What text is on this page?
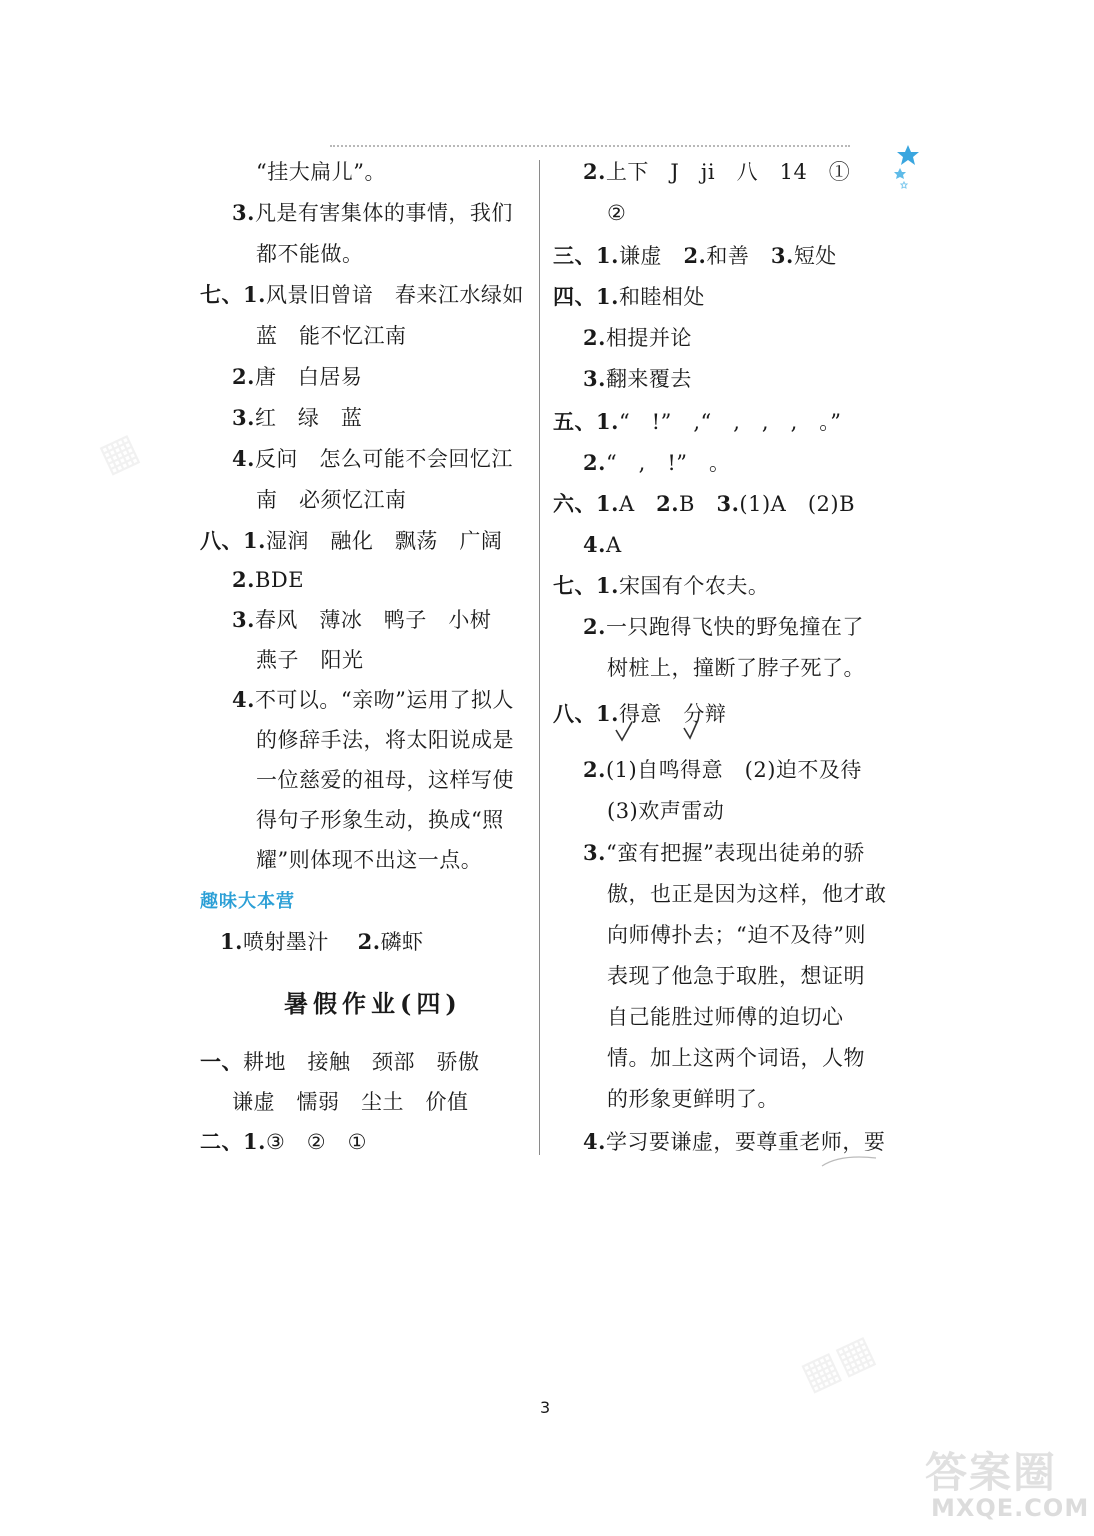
“挂大扁儿”。
3.凡是有害集体的事情，我们
都不能做。
七、1.风景旧曾谙　春来江水绿如
蓝　能不忆江南
2.唐　白居易
3.红　绿　蓝
4.反问　怎么可能不会回忆江
南　必须忆江南
八、1.湿润　融化　飘荡　广阔
2.BDE
3.春风　薄冰　鸭子　小树
燕子　阳光
4.不可以。“亲吻”运用了拟人
的修辞手法，将太阳说成是
一位慈爱的祖母，这样写使
得句子形象生动，换成“照
耀”则体现不出这一点。
趣味大本营
1.喷射墨汁　 2.磷虾
暑假作业(四)
一、耕地　接触　颈部　骄傲
谦虚　懦弱　尘土　价值
二、1.③　②　①
2.上下　J　ji　八　14　①
②
三、1.谦虚　2.和善　3.短处
四、1.和睦相处
2.相提并论
3.翻来覆去
五、1.“　!”　,“　,　,　,　。”
2.“　,　!”　。
六、1.A　2.B　3.(1)A　(2)B
4.A
七、1.宋国有个农夫。
2.一只跑得飞快的野兔撞在了
树桩上，撞断了脖子死了。
八、1.得意　分辩
2.(1)自鸣得意　(2)迫不及待
(3)欢声雷动
3.“蛮有把握”表现出徒弟的骄
傲，也正是因为这样，他才敢
向师傅扑去；“迫不及待”则
表现了他急于取胜，想证明
自己能胜过师傅的迫切心
情。加上这两个词语，人物
的形象更鲜明了。
4.学习要谦虚，要尊重老师，要
3
▦
▦▦
答案圈
MXQE.COM
